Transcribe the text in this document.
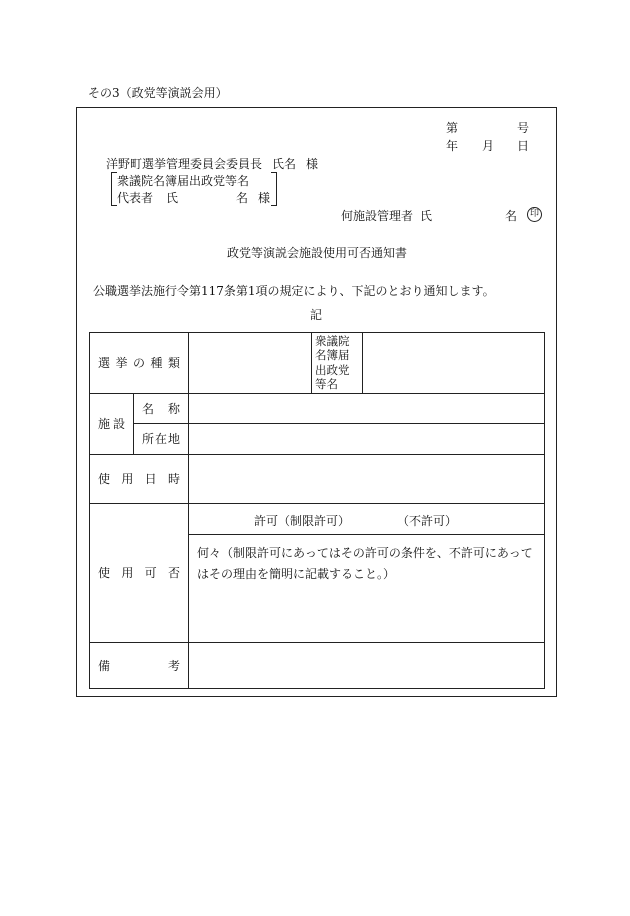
その3（政党等演説会用）
第	号
年 月 日
洋野町選挙管理委員会委員長 氏名 様
衆議院名簿届出政党等名
代表者 氏	名 様
何施設管理者 氏	名	印
政党等演説会施設使用可否通知書
公職選挙法施行令第117条第1項の規定により、下記のとおり通知します。
記
選挙の種類			衆議院名簿届出政党等名	
施設	名称			
	所在地			
使用日時				
使用可否		許可（制限許可） （不許可）		

		何々（制限許可にあってはその許可の条件を、不許可にあってはその理由を簡明に記載すること。）		
備考				
